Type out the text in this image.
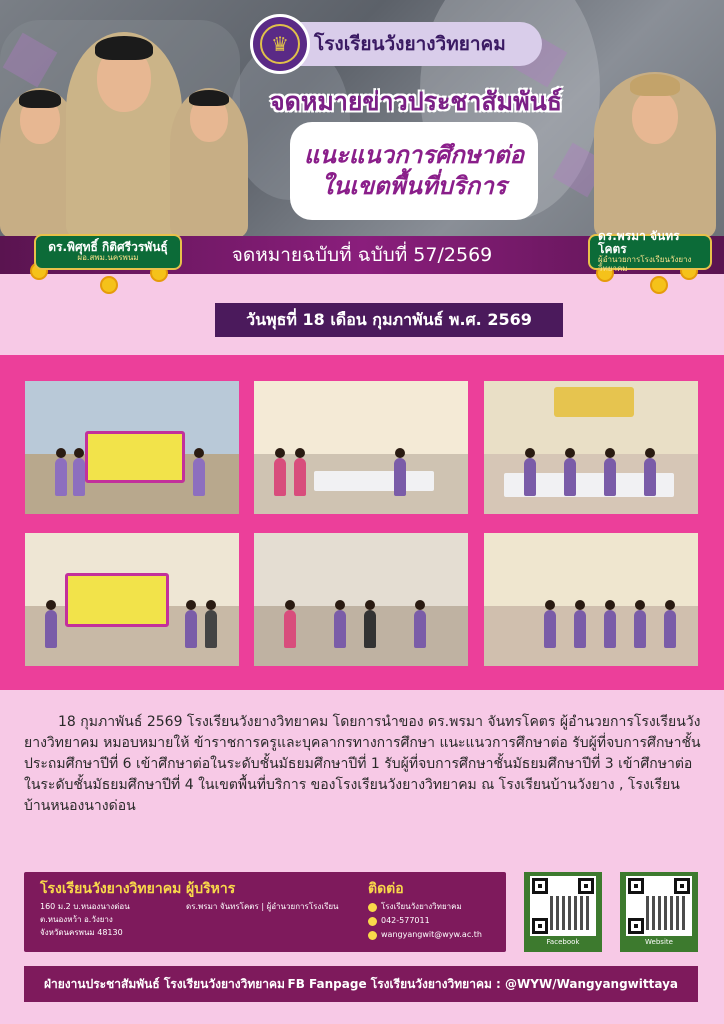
โรงเรียนวังยางวิทยาคม
♛
จดหมายข่าวประชาสัมพันธ์
แนะแนวการศึกษาต่อ
ในเขตพื้นที่บริการ
จดหมายฉบับที่ ฉบับที่ 57/2569
ดร.พิศุทธิ์ กิติศรีวรพันธุ์
ผอ.สพม.นครพนม
ดร.พรมา จันทรโคตร
ผู้อำนวยการโรงเรียนวังยางวิทยาคม
วันพุธที่ 18 เดือน กุมภาพันธ์ พ.ศ. 2569

18 กุมภาพันธ์ 2569 โรงเรียนวังยางวิทยาคม โดยการนำของ ดร.พรมา จันทรโคตร ผู้อำนวยการโรงเรียนวังยางวิทยาคม หมอบหมายให้ ข้าราชการครูและบุคลากรทางการศึกษา แนะแนวการศึกษาต่อ รับผู้ที่จบการศึกษาชั้นประถมศึกษาปีที่ 6 เข้าศึกษาต่อในระดับชั้นมัธยมศึกษาปีที่ 1 รับผู้ที่จบการศึกษาชั้นมัธยมศึกษาปีที่ 3 เข้าศึกษาต่อในระดับชั้นมัธยมศึกษาปีที่ 4 ในเขตพื้นที่บริการ ของโรงเรียนวังยางวิทยาคม ณ โรงเรียนบ้านวังยาง , โรงเรียนบ้านหนองนางด่อน

โรงเรียนวังยางวิทยาคม
160 ม.2 บ.หนองนางด่อน
ต.หนองหว้า อ.วังยาง
จังหวัดนครพนม 48130
ผู้บริหาร
ดร.พรมา จันทรโคตร | ผู้อำนวยการโรงเรียน
ติดต่อ
โรงเรียนวังยางวิทยาคม
042-577011
wangyangwit@wyw.ac.th
Facebook	Website
ฝ่ายงานประชาสัมพันธ์ โรงเรียนวังยางวิทยาคม FB Fanpage โรงเรียนวังยางวิทยาคม : @WYW/Wangyangwittaya
